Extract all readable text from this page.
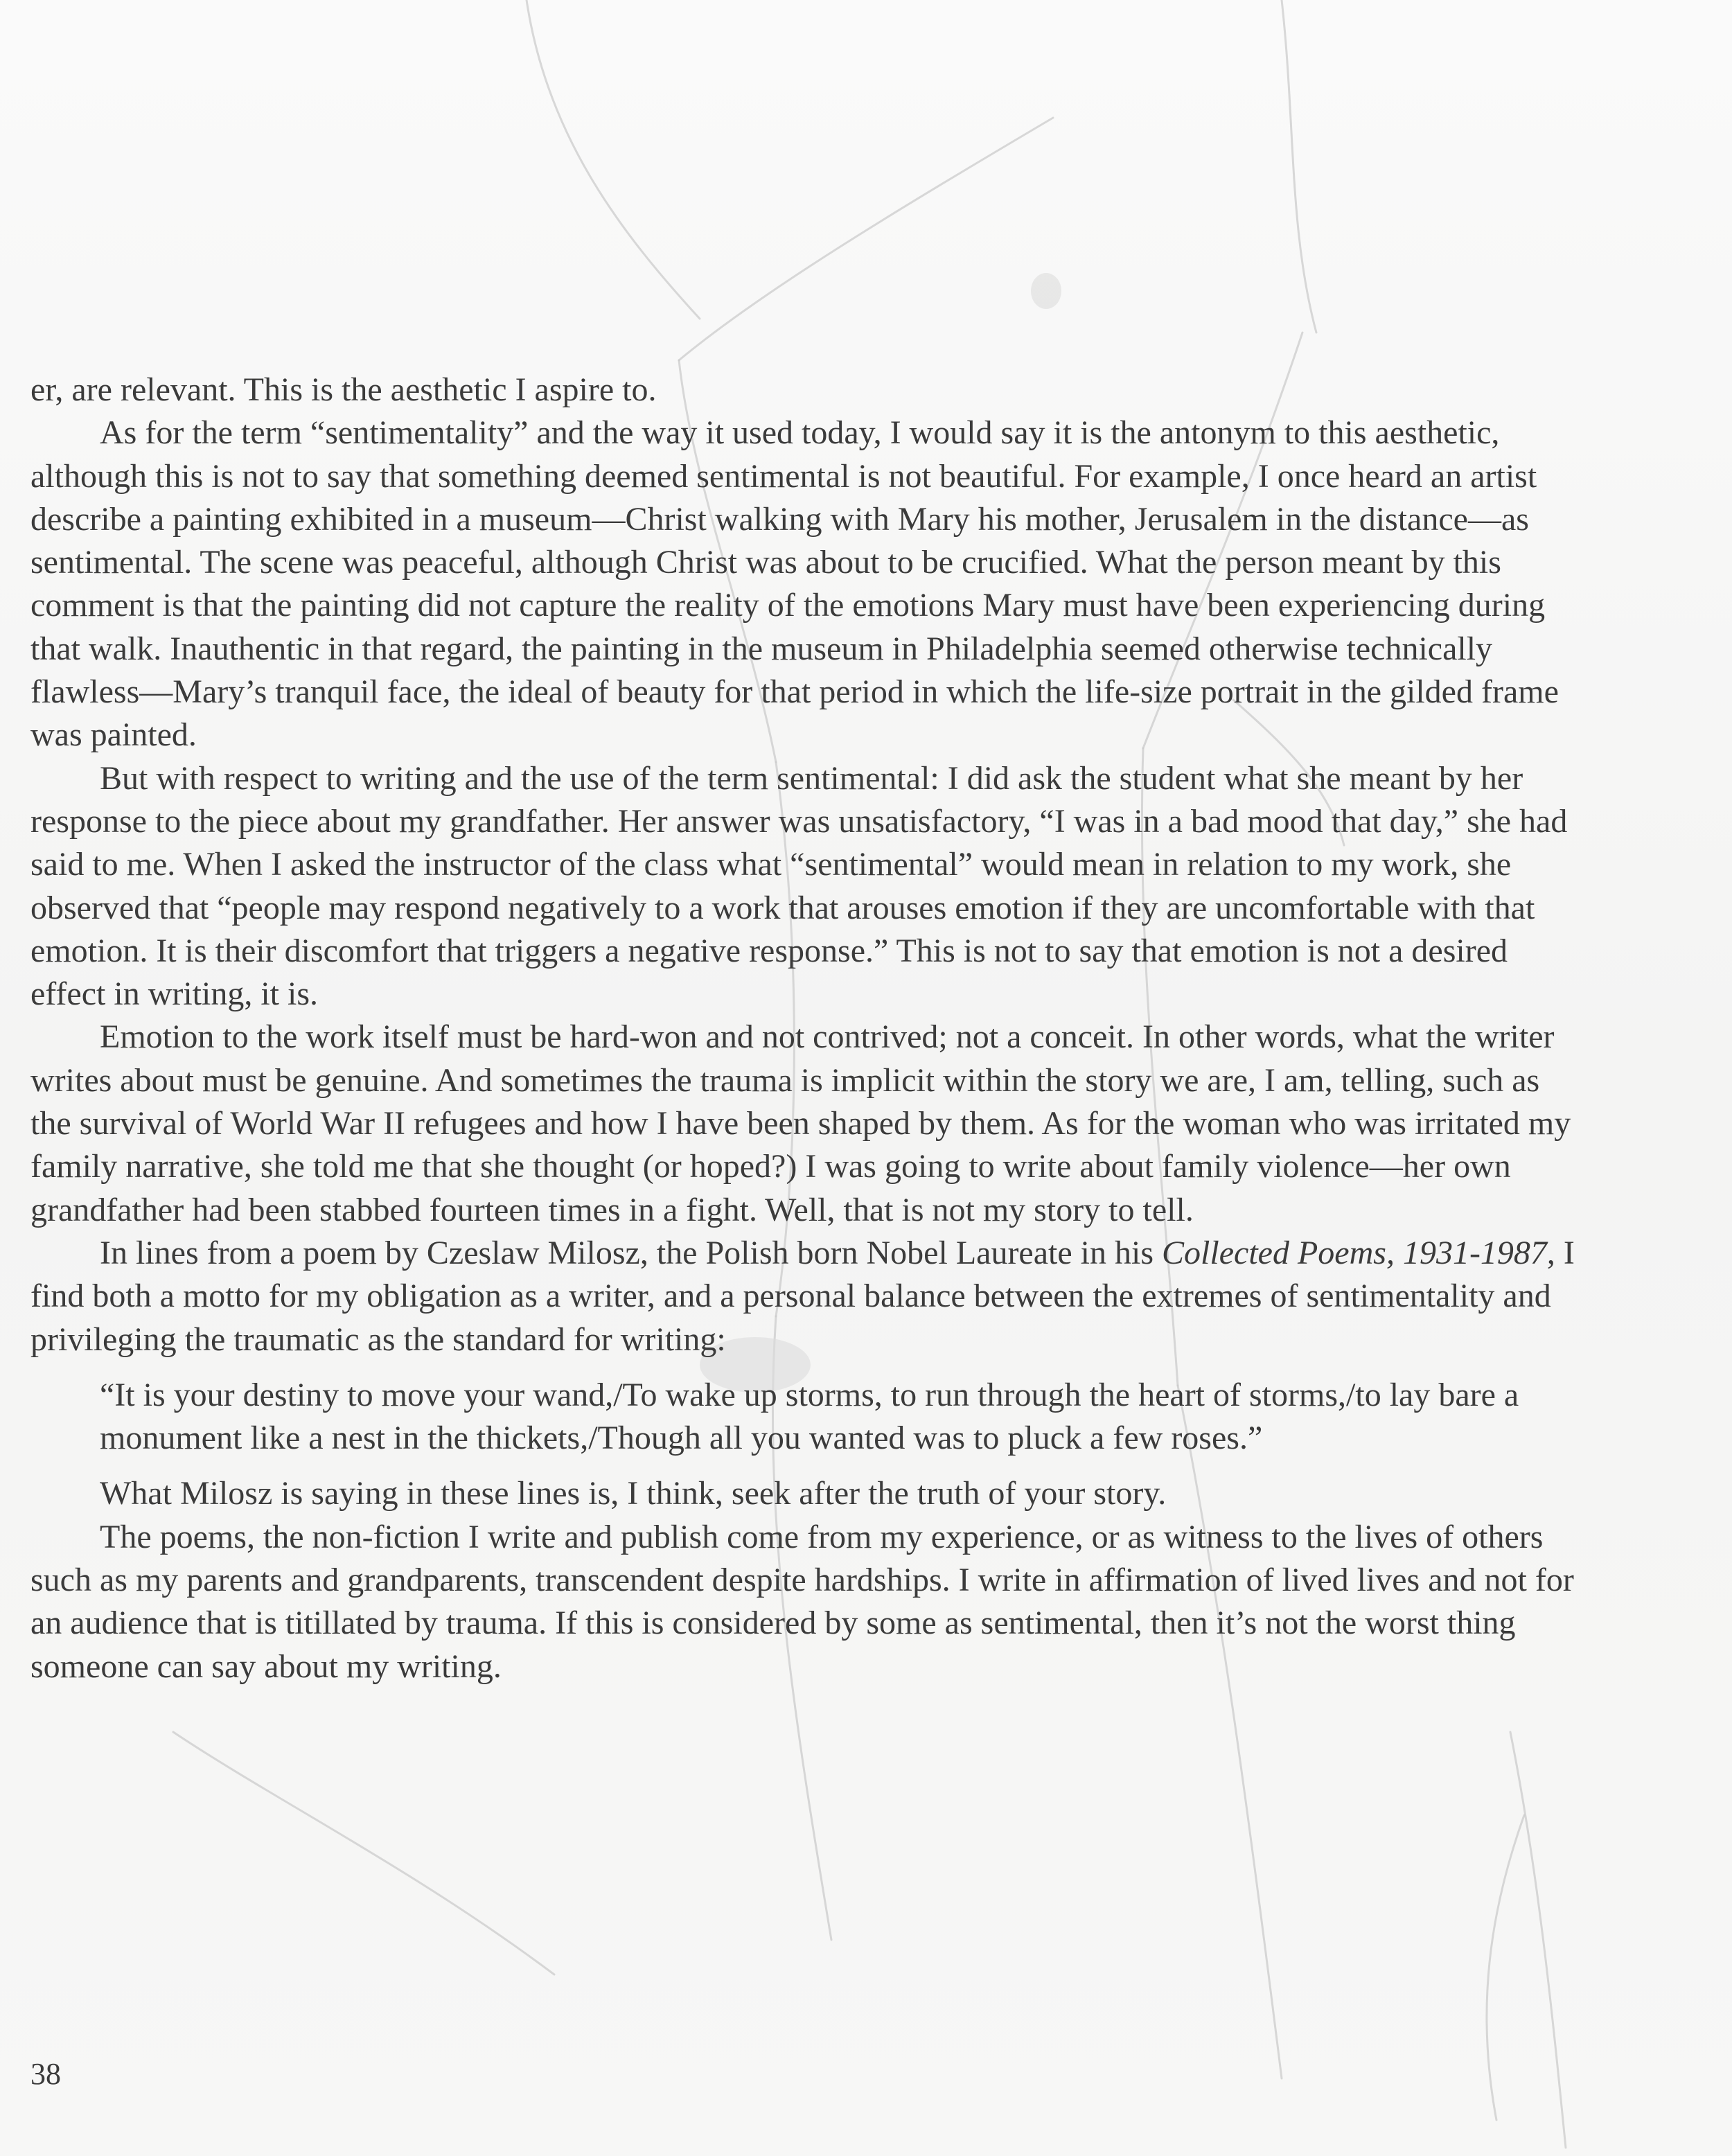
er, are relevant. This is the aesthetic I aspire to.

As for the term “sentimentality” and the way it used today, I would say it is the antonym to this aesthetic, although this is not to say that something deemed sentimental is not beautiful. For example, I once heard an artist describe a painting exhibited in a museum—Christ walking with Mary his mother, Jerusalem in the distance—as sentimental. The scene was peaceful, although Christ was about to be crucified. What the person meant by this comment is that the painting did not capture the reality of the emotions Mary must have been experiencing during that walk. Inauthentic in that regard, the painting in the museum in Philadelphia seemed otherwise technically flawless—Mary’s tranquil face, the ideal of beauty for that period in which the life-size portrait in the gilded frame was painted.

But with respect to writing and the use of the term sentimental: I did ask the student what she meant by her response to the piece about my grandfather. Her answer was unsatisfactory, “I was in a bad mood that day,” she had said to me. When I asked the instructor of the class what “sentimental” would mean in relation to my work, she observed that “people may respond negatively to a work that arouses emotion if they are uncomfortable with that emotion. It is their discomfort that triggers a negative response.” This is not to say that emotion is not a desired effect in writing, it is.

Emotion to the work itself must be hard-won and not contrived; not a conceit. In other words, what the writer writes about must be genuine. And sometimes the trauma is implicit within the story we are, I am, telling, such as the survival of World War II refugees and how I have been shaped by them. As for the woman who was irritated my family narrative, she told me that she thought (or hoped?) I was going to write about family violence—her own grandfather had been stabbed fourteen times in a fight. Well, that is not my story to tell.

In lines from a poem by Czeslaw Milosz, the Polish born Nobel Laureate in his Collected Poems, 1931-1987, I find both a motto for my obligation as a writer, and a personal balance between the extremes of sentimentality and privileging the traumatic as the standard for writing:

“It is your destiny to move your wand,/To wake up storms, to run through the heart of storms,/to lay bare a monument like a nest in the thickets,/Though all you wanted was to pluck a few roses.”

What Milosz is saying in these lines is, I think, seek after the truth of your story.

The poems, the non-fiction I write and publish come from my experience, or as witness to the lives of others such as my parents and grandparents, transcendent despite hardships. I write in affirmation of lived lives and not for an audience that is titillated by trauma. If this is considered by some as sentimental, then it’s not the worst thing someone can say about my writing.

38
